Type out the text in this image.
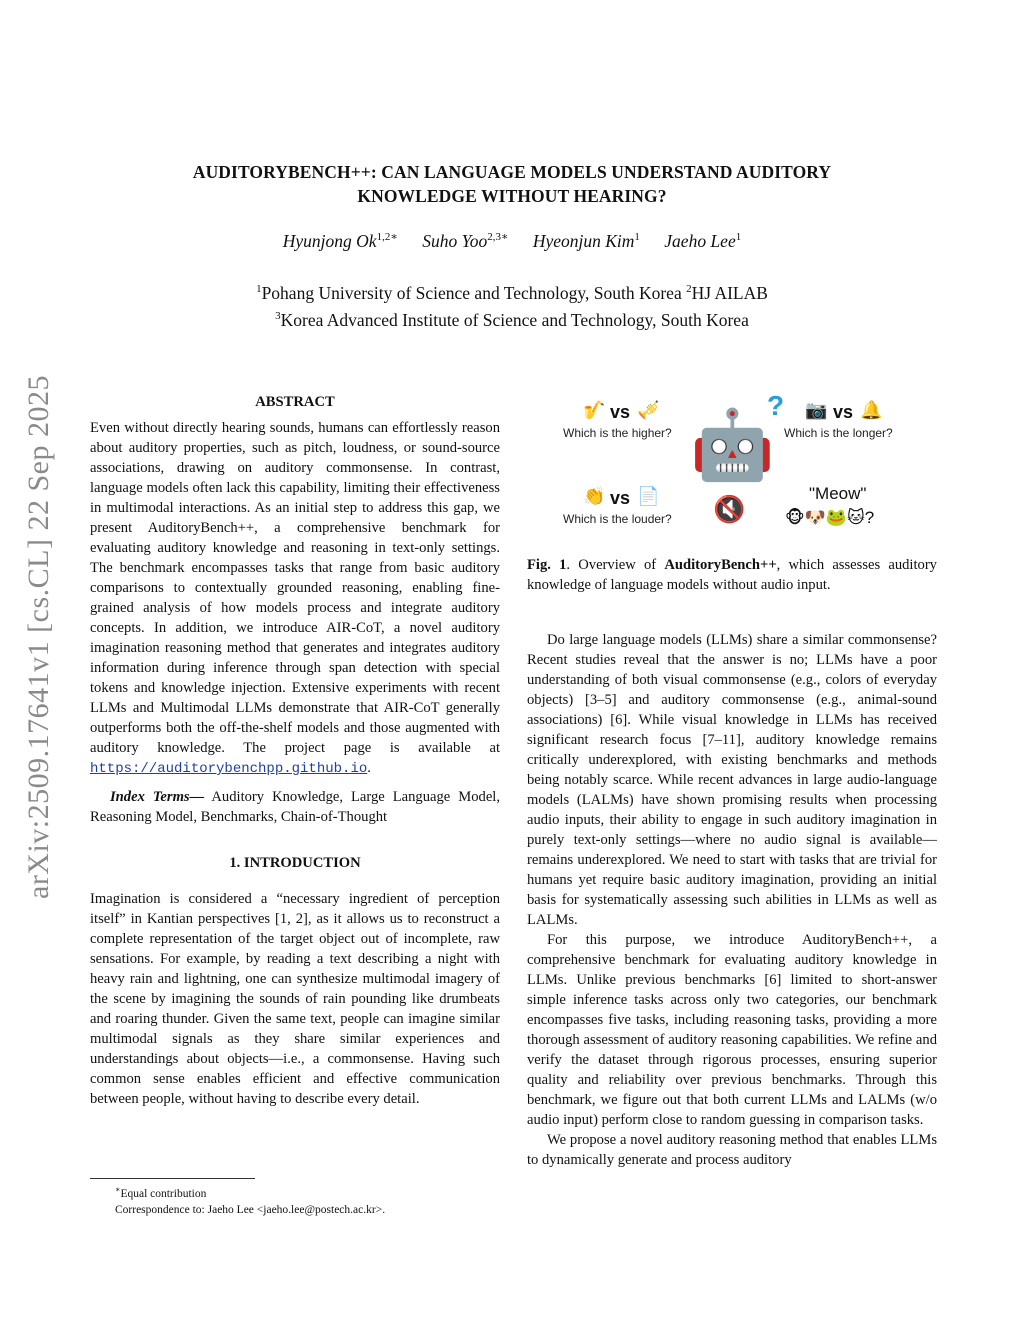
arXiv:2509.17641v1 [cs.CL] 22 Sep 2025
AUDITORYBENCH++: CAN LANGUAGE MODELS UNDERSTAND AUDITORY
KNOWLEDGE WITHOUT HEARING?
Hyunjong $Ok^{1,2∗}$ Suho Yoo$^{2,3∗}$ Hyeonjun Kim$^1$ Jaeho Lee$^1$
$^1$Pohang University of Science and Technology, South Korea $^2$HJ AILAB
$^3$Korea Advanced Institute of Science and Technology, South Korea
ABSTRACT

Even without directly hearing sounds, humans can effortlessly reason about auditory properties, such as pitch, loudness, or sound-source associations, drawing on auditory commonsense. In contrast, language models often lack this capability, limiting their effectiveness in multimodal interactions. As an initial step to address this gap, we present AuditoryBench++, a comprehensive benchmark for evaluating auditory knowledge and reasoning in text-only settings. The benchmark encompasses tasks that range from basic auditory comparisons to contextually grounded reasoning, enabling fine-grained analysis of how models process and integrate auditory concepts. In addition, we introduce AIR-CoT, a novel auditory imagination reasoning method that generates and integrates auditory information during inference through span detection with special tokens and knowledge injection. Extensive experiments with recent LLMs and Multimodal LLMs demonstrate that AIR-CoT generally outperforms both the off-the-shelf models and those augmented with auditory knowledge. The project page is available at https://auditorybenchpp.github.io.

Index Terms— Auditory Knowledge, Large Language Model, Reasoning Model, Benchmarks, Chain-of-Thought

1. INTRODUCTION

Imagination is considered a “necessary ingredient of perception itself” in Kantian perspectives [1, 2], as it allows us to reconstruct a complete representation of the target object out of incomplete, raw sensations. For example, by reading a text describing a night with heavy rain and lightning, one can synthesize multimodal imagery of the scene by imagining the sounds of rain pounding like drumbeats and roaring thunder. Given the same text, people can imagine similar multimodal signals as they share similar experiences and understandings about objects—i.e., a commonsense. Having such common sense enables efficient and effective communication between people, without having to describe every detail.

∗Equal contribution
Correspondence to: Jaeho Lee <jaeho.lee@postech.ac.kr>.
🎷 vs 🎺
Which is the higher?
📷 vs 🔔
Which is the longer?
?
🤖
👏 vs 📄
Which is the louder? 🔇
"Meow"
🐵🐶🐸🐱?
Fig. 1. Overview of AuditoryBench++, which assesses auditory knowledge of language models without audio input.

Do large language models (LLMs) share a similar commonsense? Recent studies reveal that the answer is no; LLMs have a poor understanding of both visual commonsense (e.g., colors of everyday objects) [3–5] and auditory commonsense (e.g., animal-sound associations) [6]. While visual knowledge in LLMs has received significant research focus [7–11], auditory knowledge remains critically underexplored, with existing benchmarks and methods being notably scarce. While recent advances in large audio-language models (LALMs) have shown promising results when processing audio inputs, their ability to engage in such auditory imagination in purely text-only settings—where no audio signal is available—remains underexplored. We need to start with tasks that are trivial for humans yet require basic auditory imagination, providing an initial basis for systematically assessing such abilities in LLMs as well as LALMs.

For this purpose, we introduce AuditoryBench++, a comprehensive benchmark for evaluating auditory knowledge in LLMs. Unlike previous benchmarks [6] limited to short-answer simple inference tasks across only two categories, our benchmark encompasses five tasks, including reasoning tasks, providing a more thorough assessment of auditory reasoning capabilities. We refine and verify the dataset through rigorous processes, ensuring superior quality and reliability over previous benchmarks. Through this benchmark, we figure out that both current LLMs and LALMs (w/o audio input) perform close to random guessing in comparison tasks.

We propose a novel auditory reasoning method that enables LLMs to dynamically generate and process auditory
